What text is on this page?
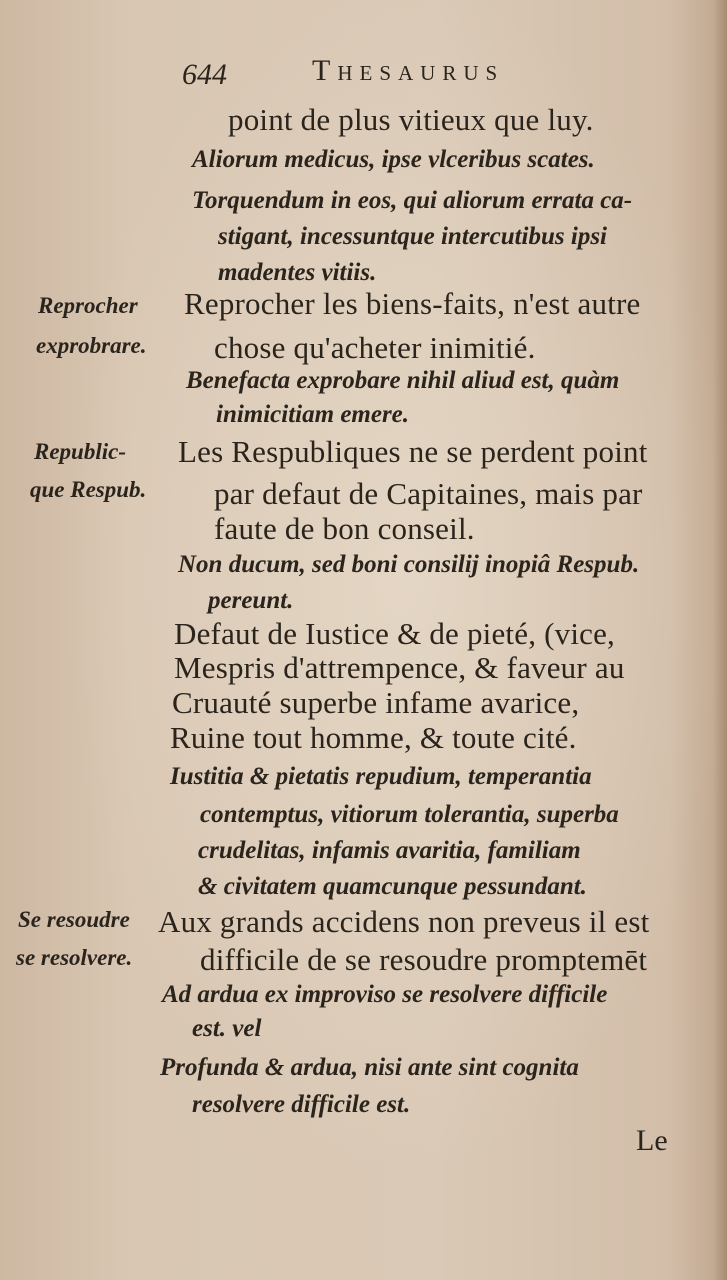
644	Thesaurus
point de plus vitieux que luy.
Aliorum medicus, ipse vlceribus scates.
Torquendum in eos, qui aliorum errata ca-
stigant, incessuntque intercutibus ipsi
madentes vitiis.
Reprocher les biens-faits, n'est autre
chose qu'acheter inimitié.
Benefacta exprobare nihil aliud est, quàm
inimicitiam emere.
Les Respubliques ne se perdent point
par defaut de Capitaines, mais par
faute de bon conseil.
Non ducum, sed boni consilij inopiâ Respub.
pereunt.
Defaut de Iustice & de pieté, (vice,
Mespris d'attrempence, & faveur au
Cruauté superbe infame avarice,
Ruine tout homme, & toute cité.
Iustitia & pietatis repudium, temperantia
contemptus, vitiorum tolerantia, superba
crudelitas, infamis avaritia, familiam
& civitatem quamcunque pessundant.
Aux grands accidens non preveus il est
difficile de se resoudre promptemēt
Ad ardua ex improviso se resolvere difficile
est. vel
Profunda & ardua, nisi ante sint cognita
resolvere difficile est.
Reprocher
exprobrare.
Republic-
que Respub.
Se resoudre
se resolvere.
Le
